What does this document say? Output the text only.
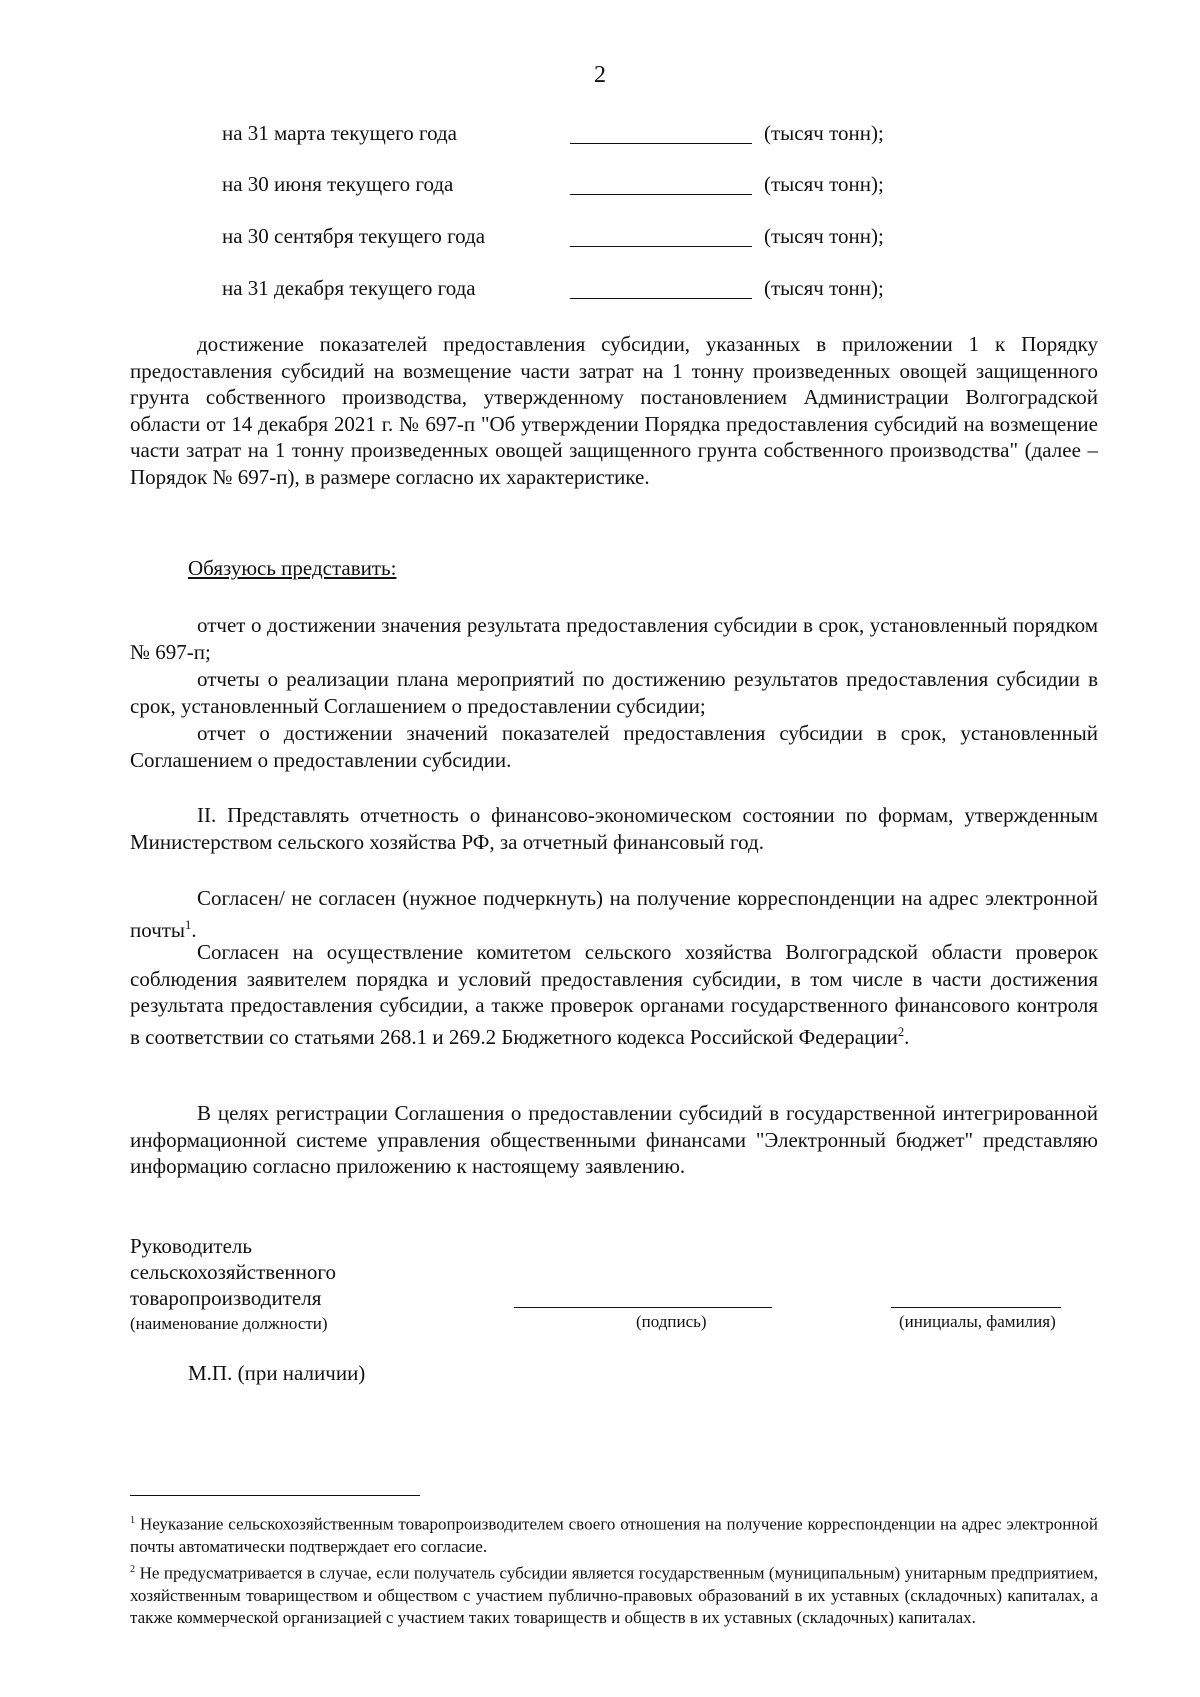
2
на 31 марта текущего года	(тысяч тонн);
на 30 июня текущего года	(тысяч тонн);
на 30 сентября текущего года	(тысяч тонн);
на 31 декабря текущего года	(тысяч тонн);

достижение показателей предоставления субсидии, указанных в приложении 1 к Порядку предоставления субсидий на возмещение части затрат на 1 тонну произведенных овощей защищенного грунта собственного производства, утвержденному постановлением Администрации Волгоградской области от 14 декабря 2021 г. № 697-п "Об утверждении Порядка предоставления субсидий на возмещение части затрат на 1 тонну произведенных овощей защищенного грунта собственного производства" (далее – Порядок № 697-п), в размере согласно их характеристике.

Обязуюсь представить:

отчет о достижении значения результата предоставления субсидии в срок, установленный порядком № 697-п;

отчеты о реализации плана мероприятий по достижению результатов предоставления субсидии в срок, установленный Соглашением о предоставлении субсидии;

отчет о достижении значений показателей предоставления субсидии в срок, установленный Соглашением о предоставлении субсидии.

II. Представлять отчетность о финансово-экономическом состоянии по формам, утвержденным Министерством сельского хозяйства РФ, за отчетный финансовый год.

Согласен/ не согласен (нужное подчеркнуть) на получение корреспонденции на адрес электронной почты$^1$.

Согласен на осуществление комитетом сельского хозяйства Волгоградской области проверок соблюдения заявителем порядка и условий предоставления субсидии, в том числе в части достижения результата предоставления субсидии, а также проверок органами государственного финансового контроля в соответствии со статьями 268.1 и 269.2 Бюджетного кодекса Российской Федерации$^2$.

В целях регистрации Соглашения о предоставлении субсидий в государственной интегрированной информационной системе управления общественными финансами "Электронный бюджет" представляю информацию согласно приложению к настоящему заявлению.

Руководитель
сельскохозяйственного
товаропроизводителя
(наименование должности)	(подпись)	(инициалы, фамилия)
М.П. (при наличии)

$^1$ Неуказание сельскохозяйственным товаропроизводителем своего отношения на получение корреспонденции на адрес электронной почты автоматически подтверждает его согласие.

$^2$ Не предусматривается в случае, если получатель субсидии является государственным (муниципальным) унитарным предприятием, хозяйственным товариществом и обществом с участием публично-правовых образований в их уставных (складочных) капиталах, а также коммерческой организацией с участием таких товариществ и обществ в их уставных (складочных) капиталах.
